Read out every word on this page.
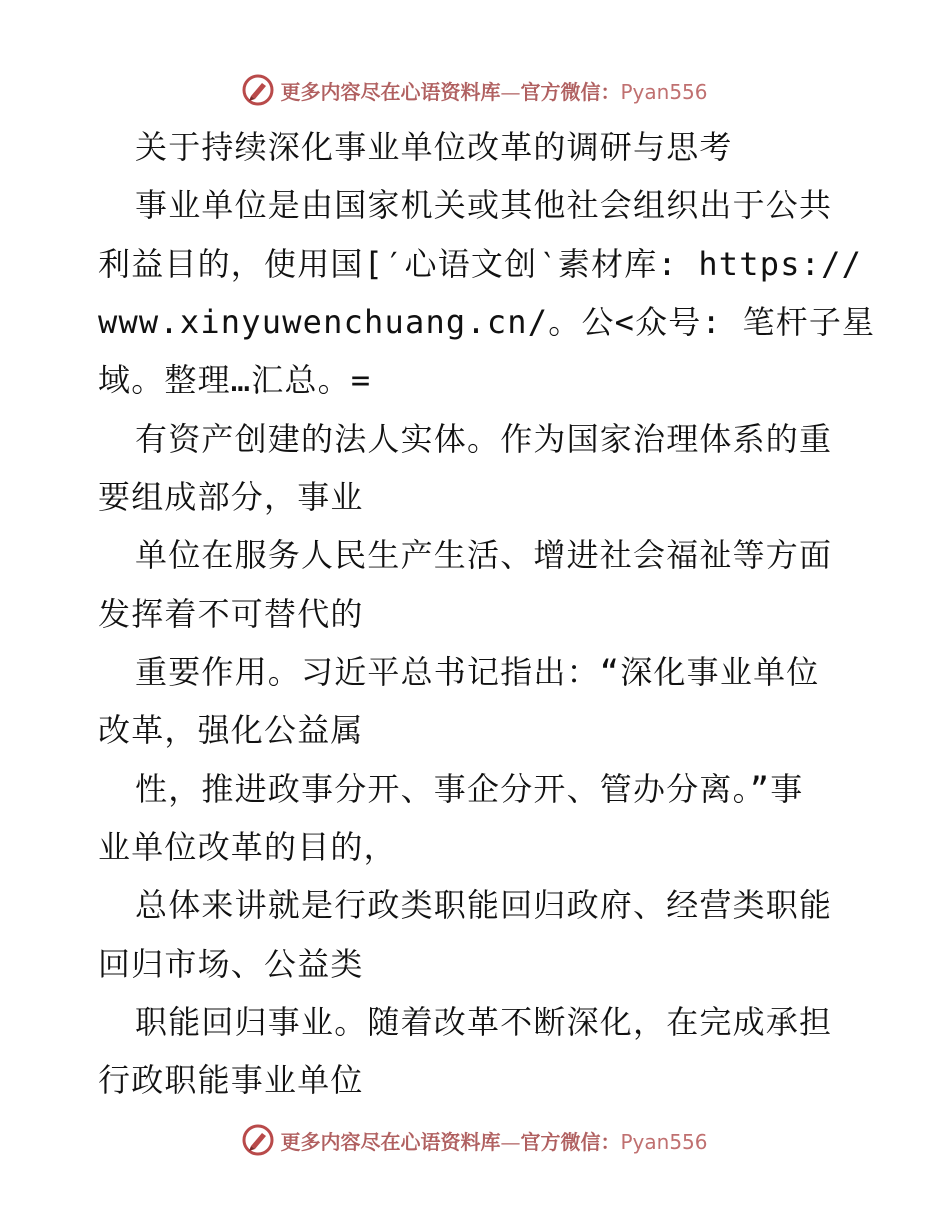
更多内容尽在心语资料库—官方微信：Pyan556
关于持续深化事业单位改革的调研与思考
事业单位是由国家机关或其他社会组织出于公共
利益目的，使用国[′心语文创‵素材库: https://
www.xinyuwenchuang.cn/。公<众号: 笔杆子星
域。整理…汇总。=
有资产创建的法人实体。作为国家治理体系的重
要组成部分，事业
单位在服务人民生产生活、增进社会福祉等方面
发挥着不可替代的
重要作用。习近平总书记指出：“深化事业单位
改革，强化公益属
性，推进政事分开、事企分开、管办分离。”事
业单位改革的目的，
总体来讲就是行政类职能回归政府、经营类职能
回归市场、公益类
职能回归事业。随着改革不断深化，在完成承担
行政职能事业单位
更多内容尽在心语资料库—官方微信：Pyan556
